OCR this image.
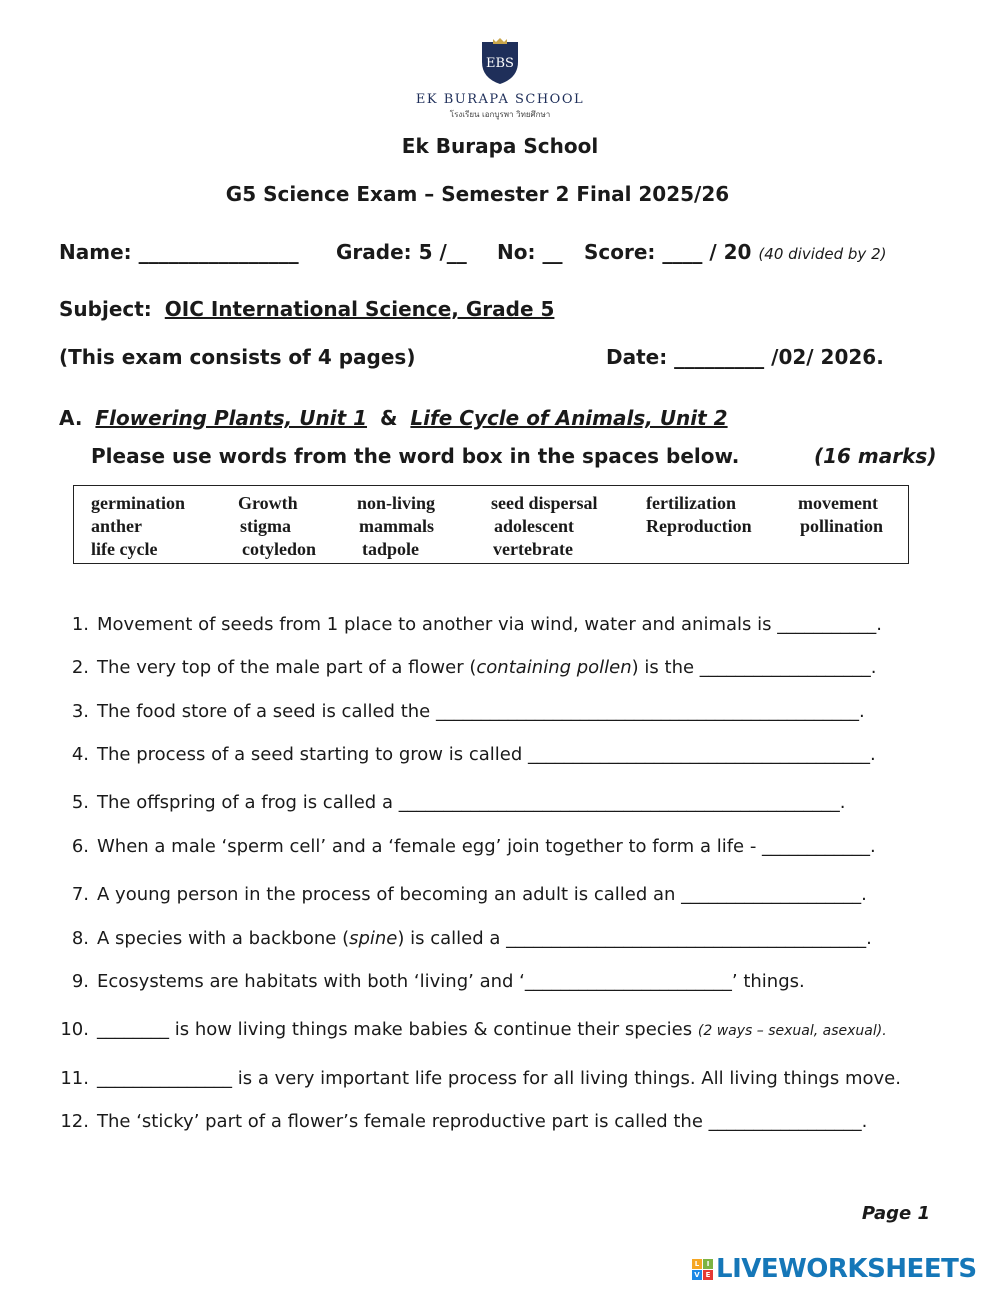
EBS
EK BURAPA SCHOOL
โรงเรียน เอกบูรพา วิทยศึกษา
Ek Burapa School
G5 Science Exam – Semester 2 Final 2025/26
Name: ________________ Grade: 5 /__ No: __ Score: ____ / 20 (40 divided by 2)
Subject: OIC International Science, Grade 5
(This exam consists of 4 pages)	Date: _________ /02/ 2026.
A. Flowering Plants, Unit 1 & Life Cycle of Animals, Unit 2
Please use words from the word box in the spaces below.	(16 marks)
germination	Growth	non-living	seed dispersal	fertilization	movement
anther	stigma	mammals	adolescent	Reproduction	pollination
life cycle	cotyledon	tadpole	vertebrate
1. Movement of seeds from 1 place to another via wind, water and animals is ___________.
2. The very top of the male part of a flower (containing pollen) is the ___________________.
3. The food store of a seed is called the _______________________________________________.
4. The process of a seed starting to grow is called ______________________________________.
5. The offspring of a frog is called a _________________________________________________.
6. When a male ‘sperm cell’ and a ‘female egg’ join together to form a life - ____________.
7. A young person in the process of becoming an adult is called an ____________________.
8. A species with a backbone (spine) is called a ________________________________________.
9. Ecosystems are habitats with both ‘living’ and ‘_______________________’ things.
10. ________ is how living things make babies & continue their species (2 ways – sexual, asexual).
11. _______________ is a very important life process for all living things. All living things move.
12. The ‘sticky’ part of a flower’s female reproductive part is called the _________________.
Page 1
L	I
V E LIVEWORKSHEETS
